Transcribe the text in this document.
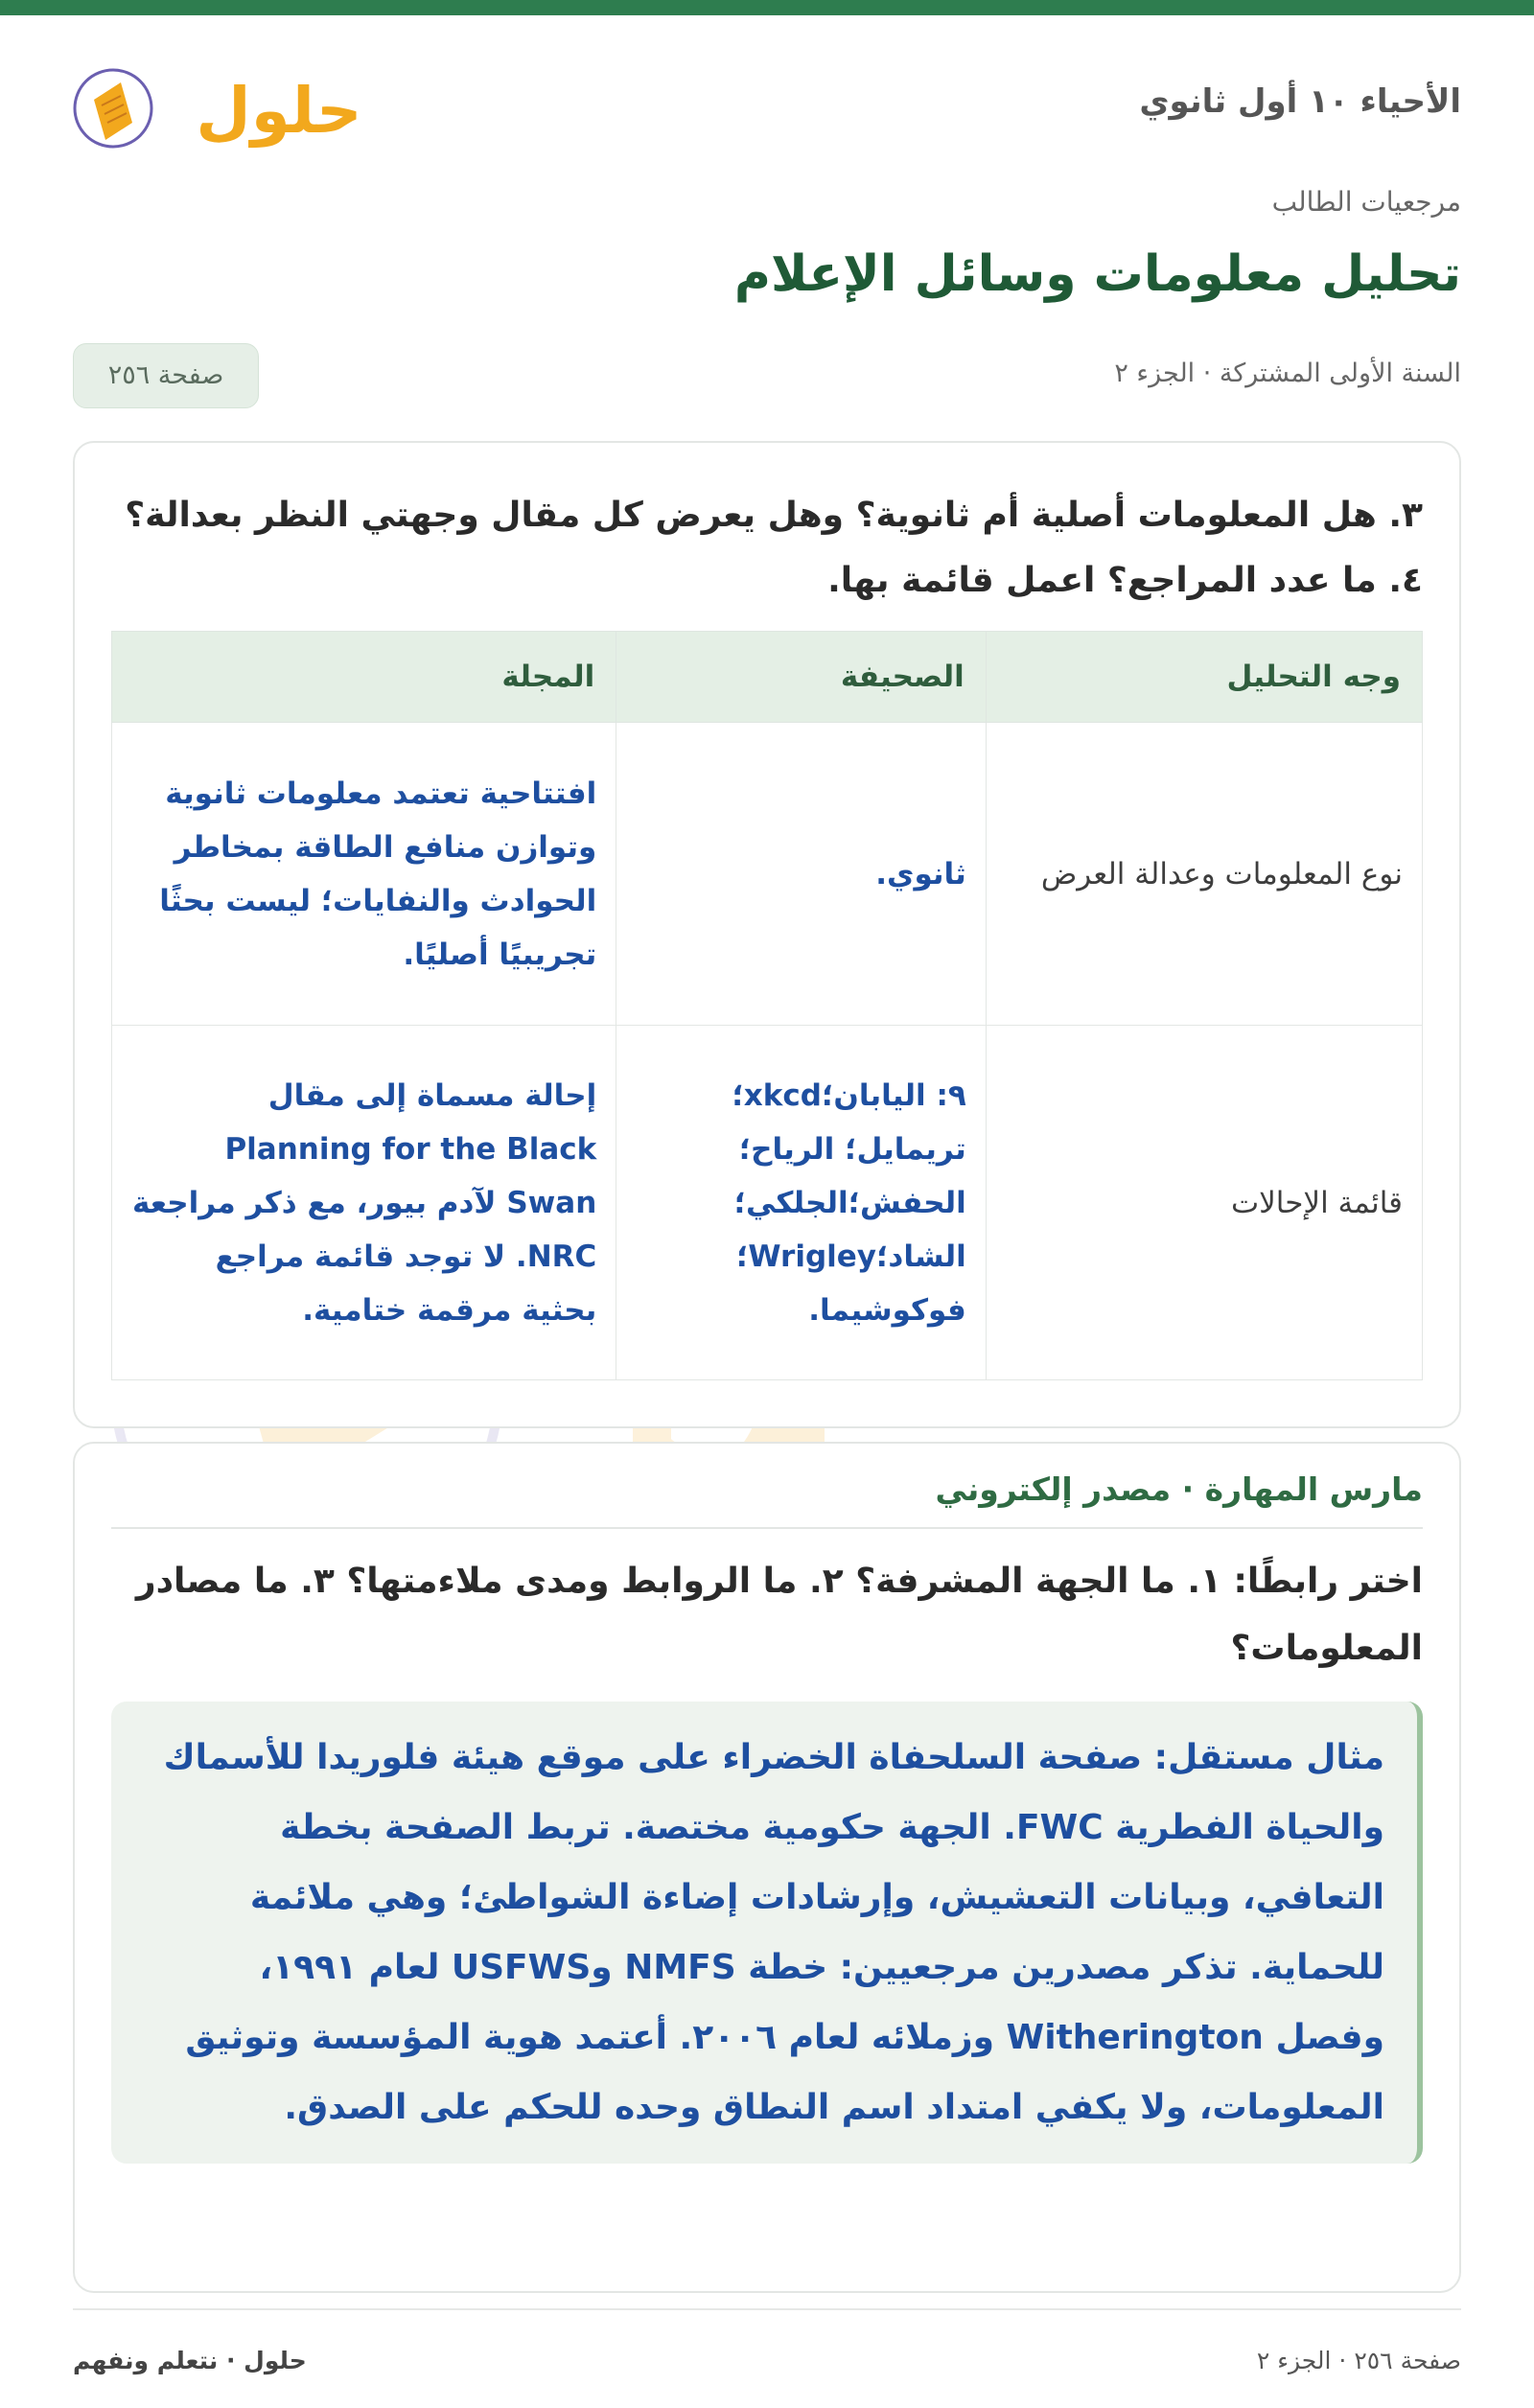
الأحياء ١٠ أول ثانوي
حلول
مرجعيات الطالب
تحليل معلومات وسائل الإعلام
السنة الأولى المشتركة · الجزء ٢
صفحة ٢٥٦

٣. هل المعلومات أصلية أم ثانوية؟ وهل يعرض كل مقال وجهتي النظر بعدالة؟ ٤. ما عدد المراجع؟ اعمل قائمة بها.

وجه التحليل	الصحيفة	المجلة
نوع المعلومات وعدالة العرض	ثانوي.	افتتاحية تعتمد معلومات ثانوية وتوازن منافع الطاقة بمخاطر الحوادث والنفايات؛ ليست بحثًا تجريبيًا أصليًا.
قائمة الإحالات	٩: اليابان؛xkcd؛تريمايل؛ الرياح؛الحفش؛الجلكي؛ الشاد؛Wrigley؛ فوكوشيما.	إحالة مسماة إلى مقال Planning for the Black Swan لآدم بيور، مع ذكر مراجعة NRC. لا توجد قائمة مراجع بحثية مرقمة ختامية.
مارس المهارة · مصدر إلكتروني

اختر رابطًا: ١. ما الجهة المشرفة؟ ٢. ما الروابط ومدى ملاءمتها؟ ٣. ما مصادر المعلومات؟

مثال مستقل: صفحة السلحفاة الخضراء على موقع هيئة فلوريدا للأسماك والحياة الفطرية FWC. الجهة حكومية مختصة. تربط الصفحة بخطة التعافي، وبيانات التعشيش، وإرشادات إضاءة الشواطئ؛ وهي ملائمة للحماية. تذكر مصدرين مرجعيين: خطة NMFS وUSFWS لعام ١٩٩١، وفصل Witherington وزملائه لعام ٢٠٠٦. أعتمد هوية المؤسسة وتوثيق المعلومات، ولا يكفي امتداد اسم النطاق وحده للحكم على الصدق.
صفحة ٢٥٦ · الجزء ٢
حلول · نتعلم ونفهم
